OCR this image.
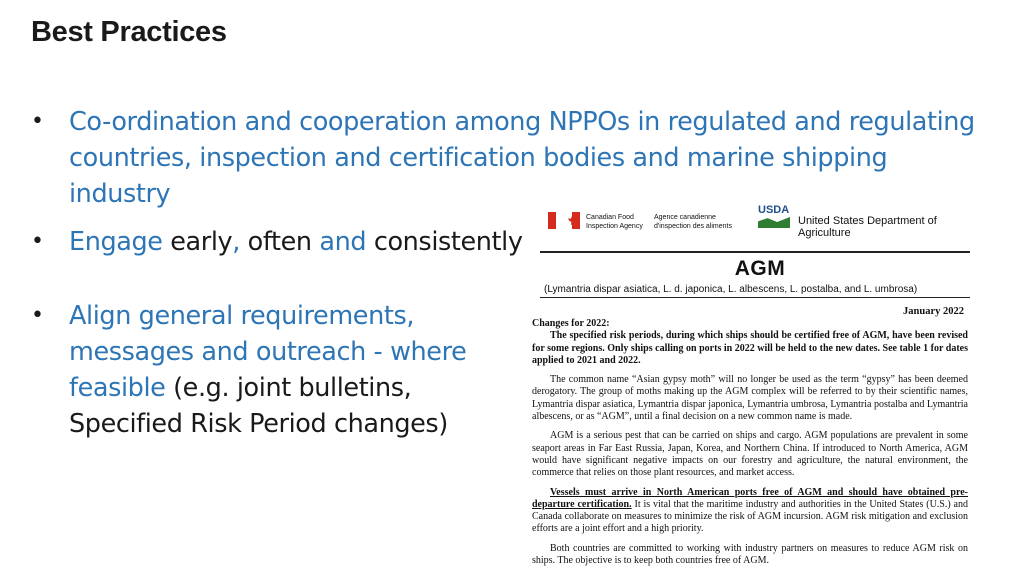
Best Practices
• Co-ordination and cooperation among NPPOs in regulated and regulating countries, inspection and certification bodies and marine shipping industry
• Engage early, often and consistently
• Align general requirements, messages and outreach - where feasible (e.g. joint bulletins, Specified Risk Period changes)
Canadian Food
Inspection Agency
Agence canadienne
d'inspection des aliments
USDA
United States Department of Agriculture
AGM
(Lymantria dispar asiatica, L. d. japonica, L. albescens, L. postalba, and L. umbrosa)
January 2022

Changes for 2022:

The specified risk periods, during which ships should be certified free of AGM, have been revised for some regions. Only ships calling on ports in 2022 will be held to the new dates. See table 1 for dates applied to 2021 and 2022.

The common name “Asian gypsy moth” will no longer be used as the term “gypsy” has been deemed derogatory. The group of moths making up the AGM complex will be referred to by their scientific names, Lymantria dispar asiatica, Lymantria dispar japonica, Lymantria umbrosa, Lymantria postalba and Lymantria albescens, or as “AGM”, until a final decision on a new common name is made.

AGM is a serious pest that can be carried on ships and cargo. AGM populations are prevalent in some seaport areas in Far East Russia, Japan, Korea, and Northern China. If introduced to North America, AGM would have significant negative impacts on our forestry and agriculture, the natural environment, the commerce that relies on those plant resources, and market access.

Vessels must arrive in North American ports free of AGM and should have obtained pre-departure certification. It is vital that the maritime industry and authorities in the United States (U.S.) and Canada collaborate on measures to minimize the risk of AGM incursion. AGM risk mitigation and exclusion efforts are a joint effort and a high priority.

Both countries are committed to working with industry partners on measures to reduce AGM risk on ships. The objective is to keep both countries free of AGM.
